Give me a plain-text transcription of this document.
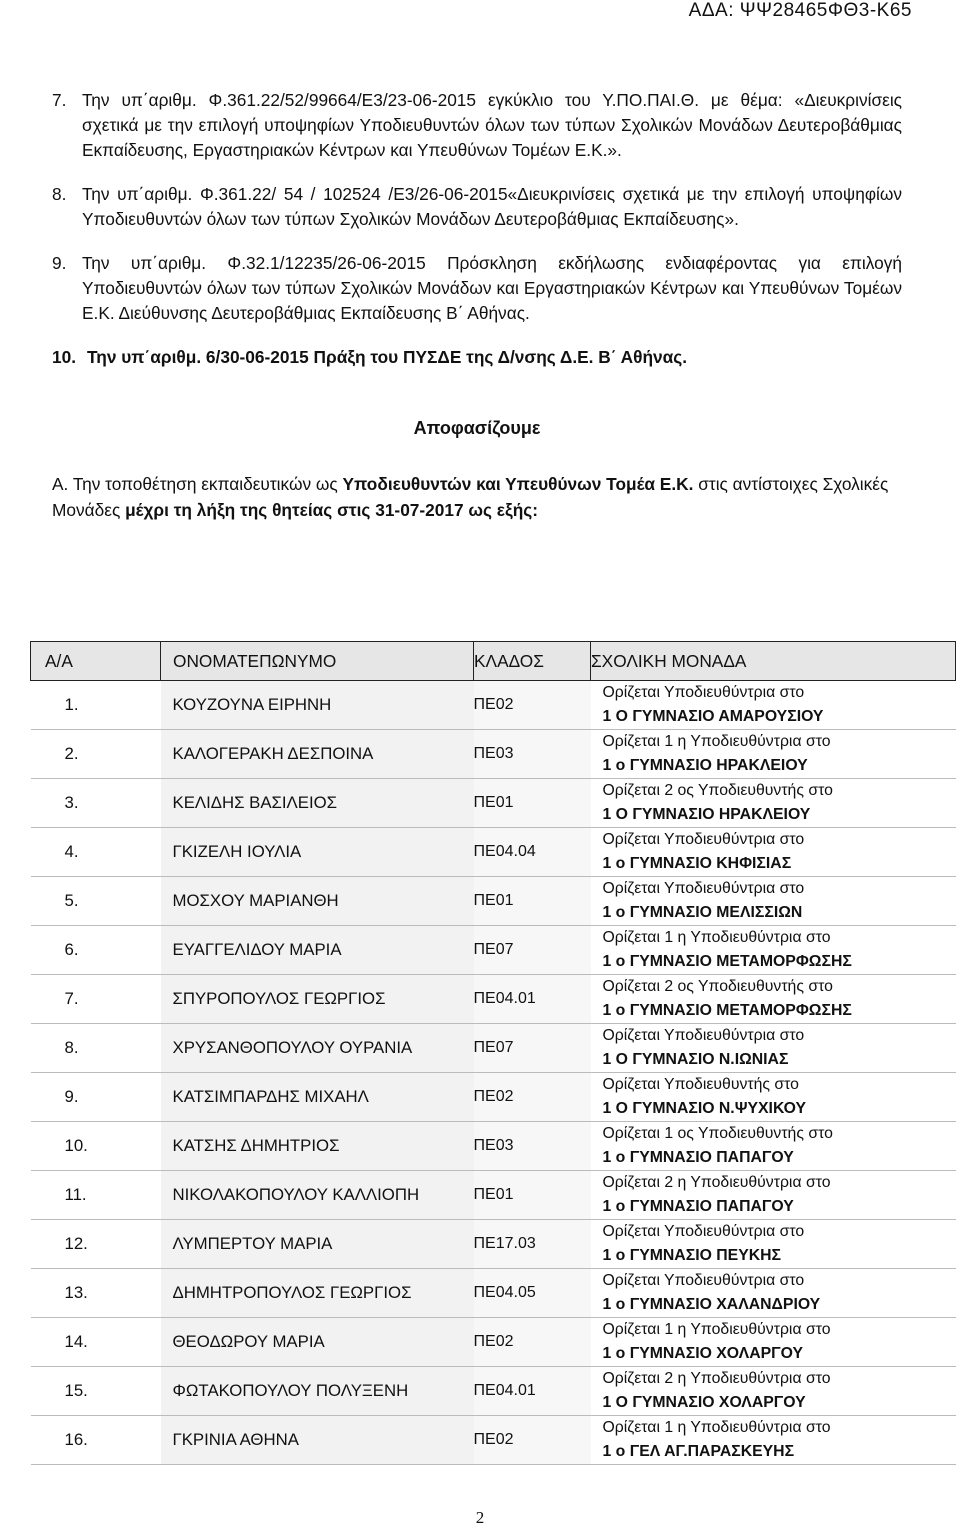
ΑΔΑ: ΨΨ28465ΦΘ3-Κ65
7. Την υπ΄αριθμ. Φ.361.22/52/99664/Ε3/23-06-2015 εγκύκλιο του Υ.ΠΟ.ΠΑΙ.Θ. με θέμα: «Διευκρινίσεις σχετικά με την επιλογή υποψηφίων Υποδιευθυντών όλων των τύπων Σχολικών Μονάδων Δευτεροβάθμιας Εκπαίδευσης, Εργαστηριακών Κέντρων και Υπευθύνων Τομέων Ε.Κ.».
8. Την υπ΄αριθμ. Φ.361.22/ 54 / 102524 /Ε3/26-06-2015«Διευκρινίσεις σχετικά με την επιλογή υποψηφίων Υποδιευθυντών όλων των τύπων Σχολικών Μονάδων Δευτεροβάθμιας Εκπαίδευσης».
9. Την υπ΄αριθμ. Φ.32.1/12235/26-06-2015 Πρόσκληση εκδήλωσης ενδιαφέροντας για επιλογή Υποδιευθυντών όλων των τύπων Σχολικών Μονάδων και Εργαστηριακών Κέντρων και Υπευθύνων Τομέων Ε.Κ. Διεύθυνσης Δευτεροβάθμιας Εκπαίδευσης Β΄ Αθήνας.
10. Την υπ΄αριθμ. 6/30-06-2015 Πράξη του ΠΥΣΔΕ της Δ/νσης Δ.Ε. Β΄ Αθήνας.
Αποφασίζουμε
Α. Την τοποθέτηση εκπαιδευτικών ως Υποδιευθυντών και Υπευθύνων Τομέα Ε.Κ. στις αντίστοιχες Σχολικές Μονάδες μέχρι τη λήξη της θητείας στις 31-07-2017 ως εξής:
Α/Α	ΟΝΟΜΑΤΕΠΩΝΥΜΟ	ΚΛΑΔΟΣ	ΣΧΟΛΙΚΗ ΜΟΝΑΔΑ
1.	ΚΟΥΖΟΥΝΑ ΕΙΡΗΝΗ	ΠΕ02	Ορίζεται Υποδιευθύντρια στο
1 Ο ΓΥΜΝΑΣΙΟ ΑΜΑΡΟΥΣΙΟΥ

2.	ΚΑΛΟΓΕΡΑΚΗ ΔΕΣΠΟΙΝΑ	ΠΕ03	Ορίζεται 1 η Υποδιευθύντρια στο
1 ο ΓΥΜΝΑΣΙΟ ΗΡΑΚΛΕΙΟΥ

3.	ΚΕΛΙΔΗΣ ΒΑΣΙΛΕΙΟΣ	ΠΕ01	Ορίζεται 2 ος Υποδιευθυντής στο
1 Ο ΓΥΜΝΑΣΙΟ ΗΡΑΚΛΕΙΟΥ

4.	ΓΚΙΖΕΛΗ ΙΟΥΛΙΑ	ΠΕ04.04	Ορίζεται Υποδιευθύντρια στο
1 ο ΓΥΜΝΑΣΙΟ ΚΗΦΙΣΙΑΣ

5.	ΜΟΣΧΟΥ ΜΑΡΙΑΝΘΗ	ΠΕ01	Ορίζεται Υποδιευθύντρια στο
1 ο ΓΥΜΝΑΣΙΟ ΜΕΛΙΣΣΙΩΝ

6.	ΕΥΑΓΓΕΛΙΔΟΥ ΜΑΡΙΑ	ΠΕ07	Ορίζεται 1 η Υποδιευθύντρια στο
1 ο ΓΥΜΝΑΣΙΟ ΜΕΤΑΜΟΡΦΩΣΗΣ

7.	ΣΠΥΡΟΠΟΥΛΟΣ ΓΕΩΡΓΙΟΣ	ΠΕ04.01	Ορίζεται 2 ος Υποδιευθυντής στο
1 ο ΓΥΜΝΑΣΙΟ ΜΕΤΑΜΟΡΦΩΣΗΣ

8.	ΧΡΥΣΑΝΘΟΠΟΥΛΟΥ ΟΥΡΑΝΙΑ	ΠΕ07	Ορίζεται Υποδιευθύντρια στο
1 Ο ΓΥΜΝΑΣΙΟ Ν.ΙΩΝΙΑΣ

9.	ΚΑΤΣΙΜΠΑΡΔΗΣ ΜΙΧΑΗΛ	ΠΕ02	Ορίζεται Υποδιευθυντής στο
1 Ο ΓΥΜΝΑΣΙΟ Ν.ΨΥΧΙΚΟΥ

10.	ΚΑΤΣΗΣ ΔΗΜΗΤΡΙΟΣ	ΠΕ03	Ορίζεται 1 ος Υποδιευθυντής στο
1 ο ΓΥΜΝΑΣΙΟ ΠΑΠΑΓΟΥ

11.	ΝΙΚΟΛΑΚΟΠΟΥΛΟΥ ΚΑΛΛΙΟΠΗ	ΠΕ01	Ορίζεται 2 η Υποδιευθύντρια στο
1 ο ΓΥΜΝΑΣΙΟ ΠΑΠΑΓΟΥ

12.	ΛΥΜΠΕΡΤΟΥ ΜΑΡΙΑ	ΠΕ17.03	Ορίζεται Υποδιευθύντρια στο
1 ο ΓΥΜΝΑΣΙΟ ΠΕΥΚΗΣ

13.	ΔΗΜΗΤΡΟΠΟΥΛΟΣ ΓΕΩΡΓΙΟΣ	ΠΕ04.05	Ορίζεται Υποδιευθύντρια στο
1 ο ΓΥΜΝΑΣΙΟ ΧΑΛΑΝΔΡΙΟΥ

14.	ΘΕΟΔΩΡΟΥ ΜΑΡΙΑ	ΠΕ02	Ορίζεται 1 η Υποδιευθύντρια στο
1 ο ΓΥΜΝΑΣΙΟ ΧΟΛΑΡΓΟΥ

15.	ΦΩΤΑΚΟΠΟΥΛΟΥ ΠΟΛΥΞΕΝΗ	ΠΕ04.01	Ορίζεται 2 η Υποδιευθύντρια στο
1 Ο ΓΥΜΝΑΣΙΟ ΧΟΛΑΡΓΟΥ

16.	ΓΚΡΙΝΙΑ ΑΘΗΝΑ	ΠΕ02	Ορίζεται 1 η Υποδιευθύντρια στο
1 ο ΓΕΛ ΑΓ.ΠΑΡΑΣΚΕΥΗΣ
2
